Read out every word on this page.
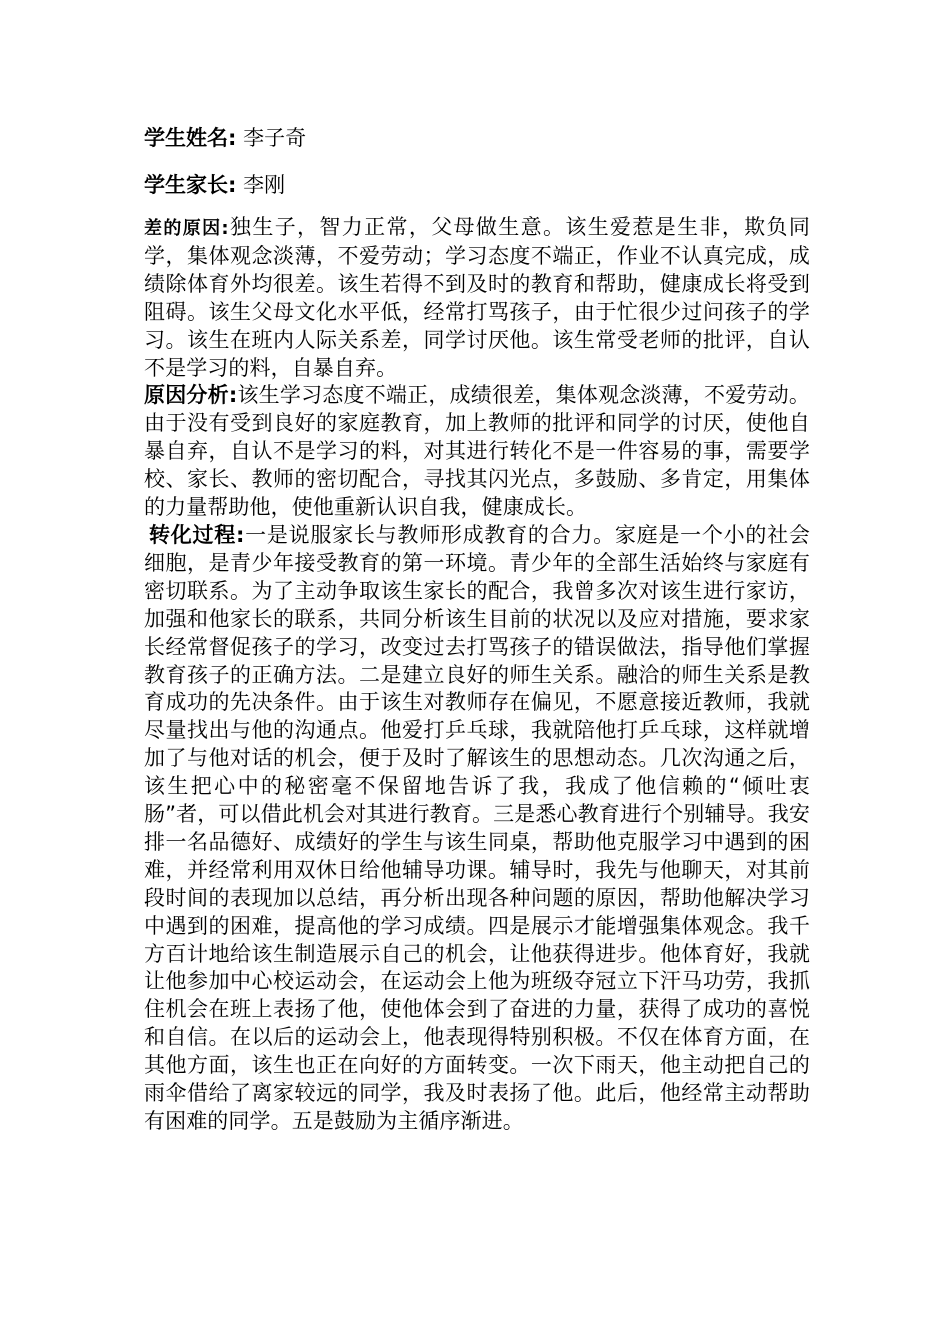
学生姓名: 李子奇

学生家长: 李刚

差的原因:独生子，智力正常，父母做生意。该生爱惹是生非，欺负同学，集体观念淡薄，不爱劳动；学习态度不端正，作业不认真完成，成绩除体育外均很差。该生若得不到及时的教育和帮助，健康成长将受到阻碍。该生父母文化水平低，经常打骂孩子，由于忙很少过问孩子的学习。该生在班内人际关系差，同学讨厌他。该生常受老师的批评，自认不是学习的料，自暴自弃。

原因分析:该生学习态度不端正，成绩很差，集体观念淡薄，不爱劳动。由于没有受到良好的家庭教育，加上教师的批评和同学的讨厌，使他自暴自弃，自认不是学习的料，对其进行转化不是一件容易的事，需要学校、家长、教师的密切配合，寻找其闪光点，多鼓励、多肯定，用集体的力量帮助他，使他重新认识自我，健康成长。

转化过程:一是说服家长与教师形成教育的合力。家庭是一个小的社会细胞，是青少年接受教育的第一环境。青少年的全部生活始终与家庭有密切联系。为了主动争取该生家长的配合，我曾多次对该生进行家访，加强和他家长的联系，共同分析该生目前的状况以及应对措施，要求家长经常督促孩子的学习，改变过去打骂孩子的错误做法，指导他们掌握教育孩子的正确方法。二是建立良好的师生关系。融洽的师生关系是教育成功的先决条件。由于该生对教师存在偏见，不愿意接近教师，我就尽量找出与他的沟通点。他爱打乒乓球，我就陪他打乒乓球，这样就增加了与他对话的机会，便于及时了解该生的思想动态。几次沟通之后，该生把心中的秘密毫不保留地告诉了我，我成了他信赖的“倾吐衷肠”者，可以借此机会对其进行教育。三是悉心教育进行个别辅导。我安排一名品德好、成绩好的学生与该生同桌，帮助他克服学习中遇到的困难，并经常利用双休日给他辅导功课。辅导时，我先与他聊天，对其前段时间的表现加以总结，再分析出现各种问题的原因，帮助他解决学习中遇到的困难，提高他的学习成绩。四是展示才能增强集体观念。我千方百计地给该生制造展示自己的机会，让他获得进步。他体育好，我就让他参加中心校运动会，在运动会上他为班级夺冠立下汗马功劳，我抓住机会在班上表扬了他，使他体会到了奋进的力量，获得了成功的喜悦和自信。在以后的运动会上，他表现得特别积极。不仅在体育方面，在其他方面，该生也正在向好的方面转变。一次下雨天，他主动把自己的雨伞借给了离家较远的同学，我及时表扬了他。此后，他经常主动帮助有困难的同学。五是鼓励为主循序渐进。
